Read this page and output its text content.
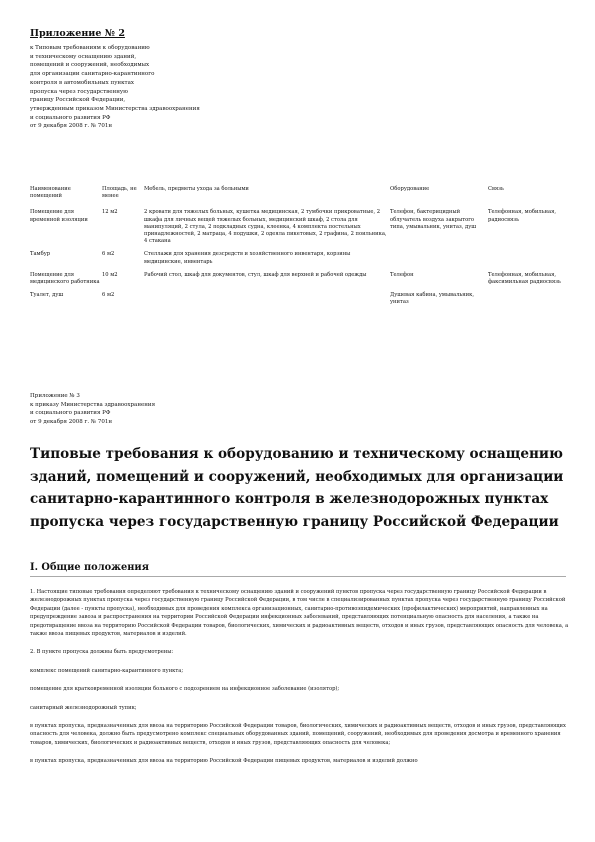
Приложение № 2
к Типовым требованиям к оборудованию
и техническому оснащению зданий,
помещений и сооружений, необходимых
для организации санитарно-карантинного
контроля в автомобильных пунктах
пропуска через государственную
границу Российской Федерации,
утвержденным приказом Министерства здравоохранения
и социального развития РФ
от 9 декабря 2008 г. № 701н
Наименование помещений	Площадь, не менее	Мебель, предметы ухода за больными	Оборудование	Связь
Помещение для временной изоляции	12 м2	2 кровати для тяжелых больных, кушетка медицинская, 2 тумбочки прикроватные, 2 шкафа для личных вещей тяжелых больных, медицинский шкаф, 2 стола для манипуляций, 2 стула, 2 подкладных судна, клеенка, 4 комплекта постельных принадлежностей, 2 матраца, 4 подушки, 2 одеяла пикетовых, 2 графина, 2 поильника, 4 стакана	Телефон, бактерицидный облучатель воздуха закрытого типа, умывальник, унитаз, душ	Телефонная, мобильная, радиосвязь
Тамбур	6 м2	Стеллажи для хранения дезсредств и хозяйственного инвентаря, корзины медицинские, инвентарь		
Помещение для медицинского работника	10 м2	Рабочий стол, шкаф для документов, стул, шкаф для верхней и рабочей одежды	Телефон	Телефонная, мобильная, факсимильная радиосвязь
Туалет, душ	6 м2		Душевая кабина, умывальник, унитаз	
Приложение № 3
к приказу Министерства здравоохранения
и социального развития РФ
от 9 декабря 2008 г. № 701н
Типовые требования к оборудованию и техническому оснащению зданий, помещений и сооружений, необходимых для организации санитарно-карантинного контроля в железнодорожных пунктах пропуска через государственную границу Российской Федерации
I. Общие положения

1. Настоящие типовые требования определяют требования к техническому оснащению зданий и сооружений пунктов пропуска через государственную границу Российской Федерации в железнодорожных пунктах пропуска через государственную границу Российской Федерации, в том числе в специализированных пунктах пропуска через государственную границу Российской Федерации (далее - пункты пропуска), необходимых для проведения комплекса организационных, санитарно-противоэпидемических (профилактических) мероприятий, направленных на предупреждение завоза и распространения на территории Российской Федерации инфекционных заболеваний, представляющих потенциальную опасность для населения, а также на предотвращение ввоза на территорию Российской Федерации товаров, биологических, химических и радиоактивных веществ, отходов и иных грузов, представляющих опасность для человека, а также ввоза пищевых продуктов, материалов и изделий.

2. В пункте пропуска должны быть предусмотрены:

комплекс помещений санитарно-карантинного пункта;

помещение для кратковременной изоляции больного с подозрением на инфекционное заболевание (изолятор);

санитарный железнодорожный тупик;

в пунктах пропуска, предназначенных для ввоза на территорию Российской Федерации товаров, биологических, химических и радиоактивных веществ, отходов и иных грузов, представляющих опасность для человека, должно быть предусмотрено комплекс специальных оборудованных зданий, помещений, сооружений, необходимых для проведения досмотра и временного хранения товаров, химических, биологических и радиоактивных веществ, отходов и иных грузов, представляющих опасность для человека;

в пунктах пропуска, предназначенных для ввоза на территорию Российской Федерации пищевых продуктов, материалов и изделий должно
